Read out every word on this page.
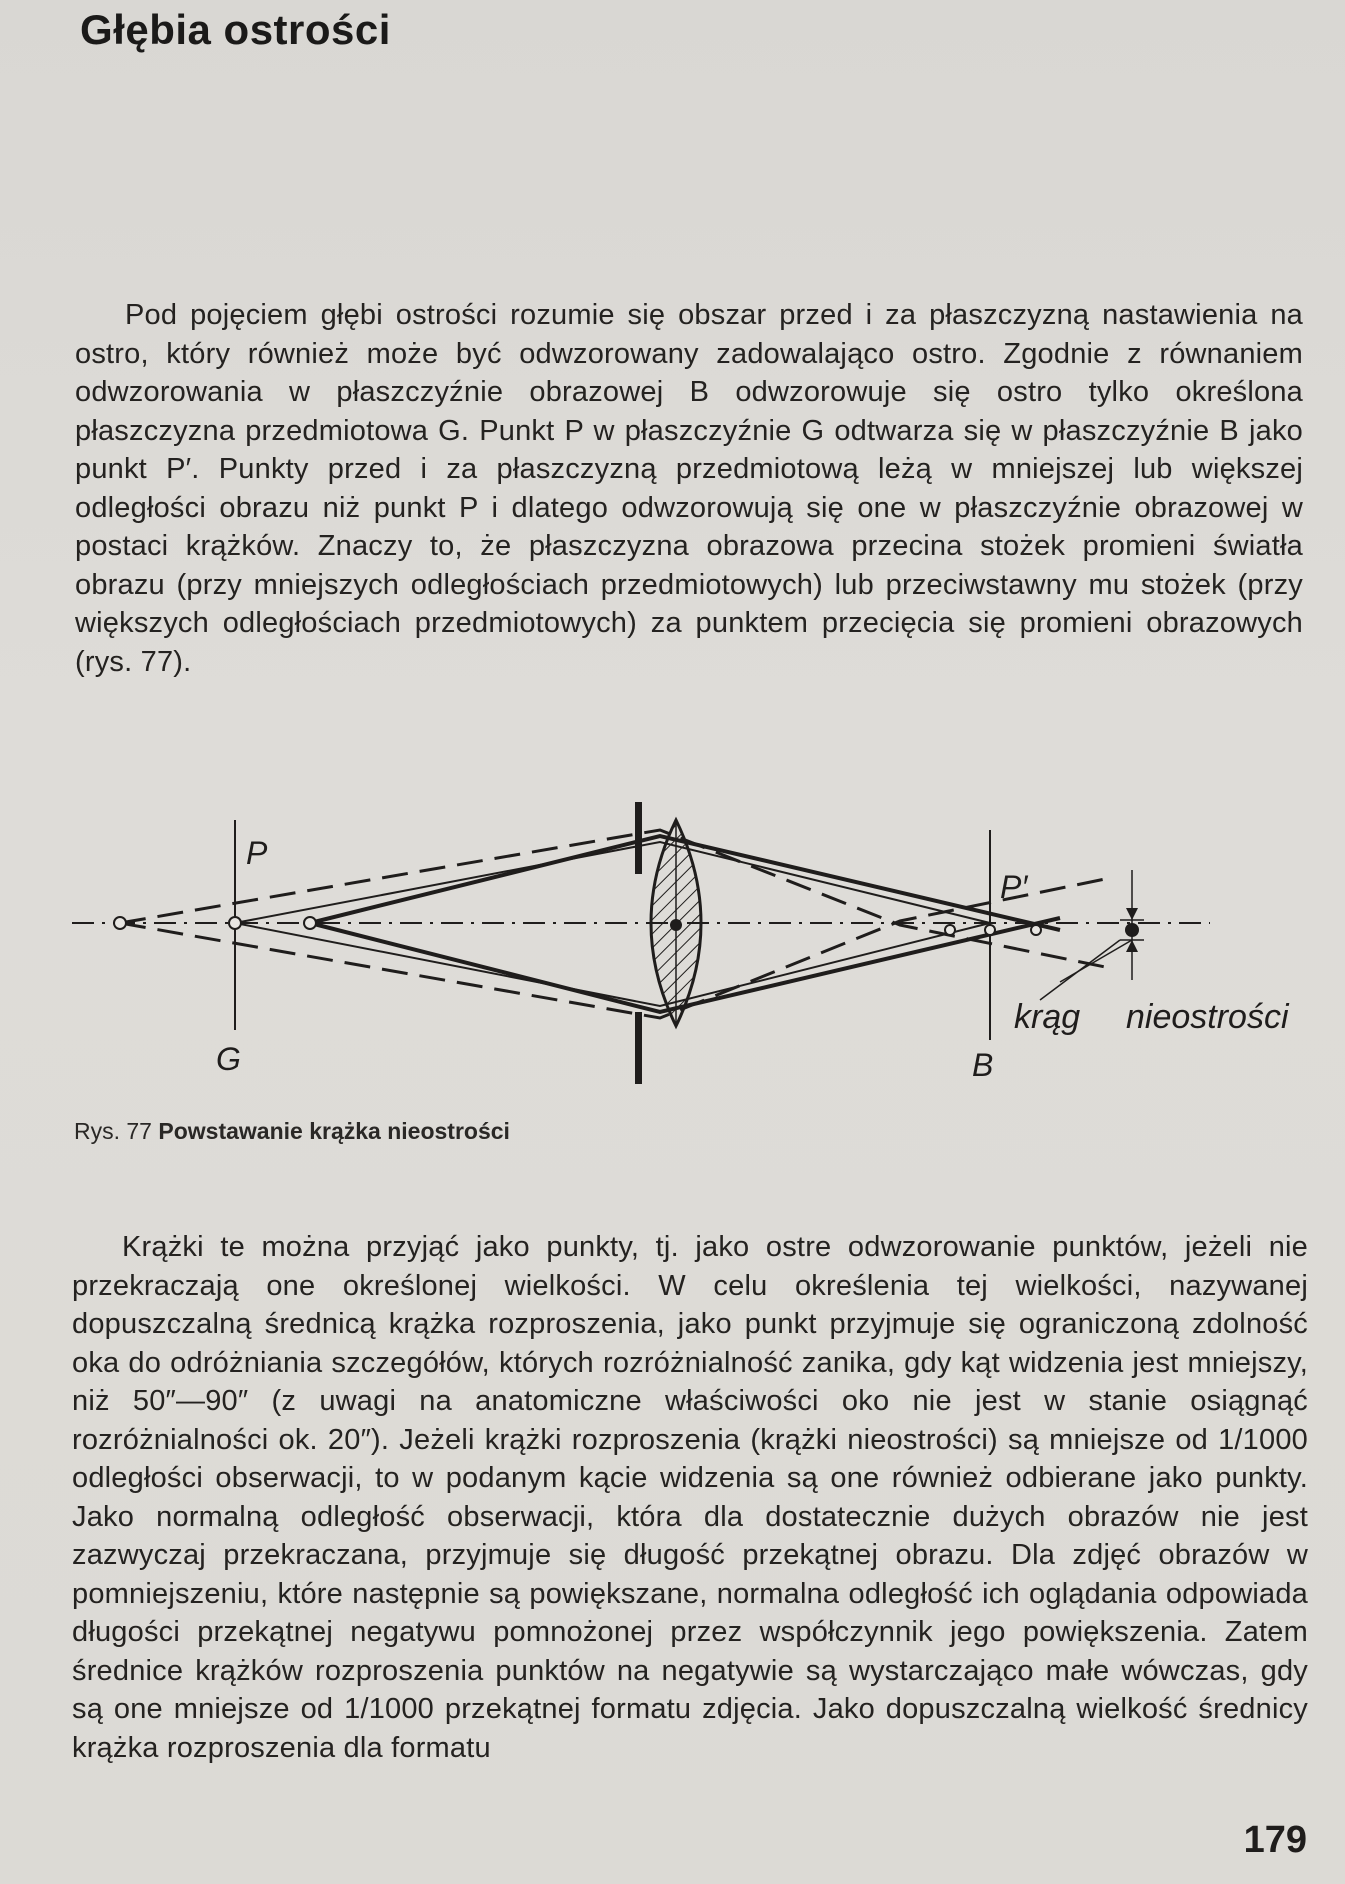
Głębia ostrości

Pod pojęciem głębi ostrości rozumie się obszar przed i za płaszczyzną nastawienia na ostro, który również może być odwzorowany zadowalająco ostro. Zgodnie z równaniem odwzorowania w płaszczyźnie obrazowej B odwzorowuje się ostro tylko określona płaszczyzna przedmiotowa G. Punkt P w płaszczyźnie G odtwarza się w płaszczyźnie B jako punkt P′. Punkty przed i za płaszczyzną przedmiotową leżą w mniejszej lub większej odległości obrazu niż punkt P i dlatego odwzorowują się one w płaszczyźnie obrazowej w postaci krążków. Znaczy to, że płaszczyzna obrazowa przecina stożek promieni światła obrazu (przy mniejszych odległościach przedmiotowych) lub przeciwstawny mu stożek (przy większych odległościach przedmiotowych) za punktem przecięcia się promieni obrazowych (rys. 77).

P
G
P′
B
krąg nieostrości
Rys. 77 Powstawanie krążka nieostrości

Krążki te można przyjąć jako punkty, tj. jako ostre odwzorowanie punktów, jeżeli nie przekraczają one określonej wielkości. W celu określenia tej wielkości, nazywanej dopuszczalną średnicą krążka rozproszenia, jako punkt przyjmuje się ograniczoną zdolność oka do odróżniania szczegółów, których rozróżnialność zanika, gdy kąt widzenia jest mniejszy, niż 50″—90″ (z uwagi na anatomiczne właściwości oko nie jest w stanie osiągnąć rozróżnialności ok. 20″). Jeżeli krążki rozproszenia (krążki nieostrości) są mniejsze od 1/1000 odległości obserwacji, to w podanym kącie widzenia są one również odbierane jako punkty. Jako normalną odległość obserwacji, która dla dostatecznie dużych obrazów nie jest zazwyczaj przekraczana, przyjmuje się długość przekątnej obrazu. Dla zdjęć obrazów w pomniejszeniu, które następnie są powiększane, normalna odległość ich oglądania odpowiada długości przekątnej negatywu pomnożonej przez współczynnik jego powiększenia. Zatem średnice krążków rozproszenia punktów na negatywie są wystarczająco małe wówczas, gdy są one mniejsze od 1/1000 przekątnej formatu zdjęcia. Jako dopuszczalną wielkość średnicy krążka rozproszenia dla formatu

179
